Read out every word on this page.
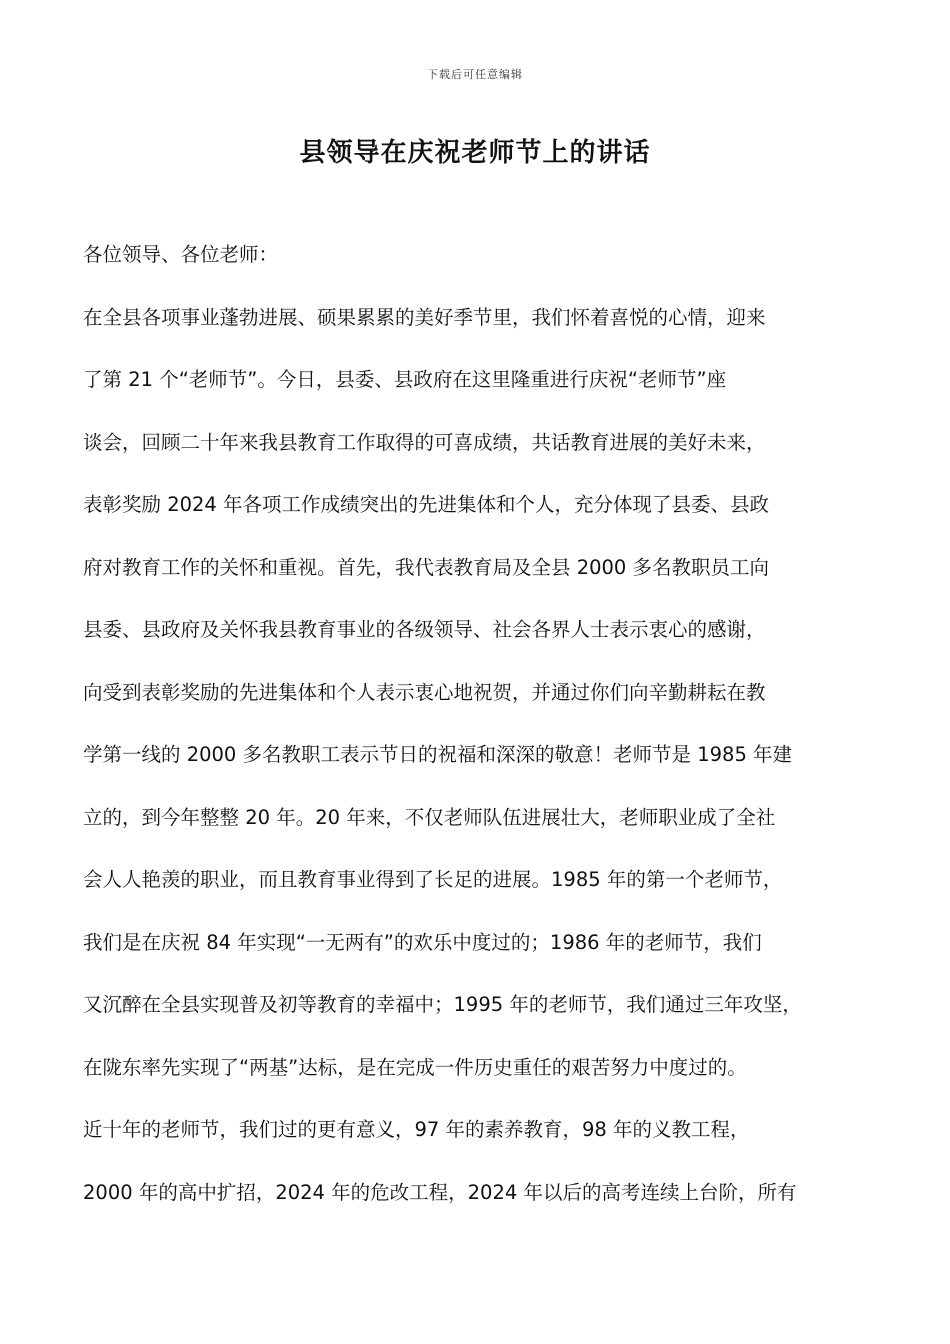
下载后可任意编辑
县领导在庆祝老师节上的讲话
各位领导、各位老师：
在全县各项事业蓬勃进展、硕果累累的美好季节里，我们怀着喜悦的心情，迎来
了第 21 个“老师节”。今日，县委、县政府在这里隆重进行庆祝“老师节”座
谈会，回顾二十年来我县教育工作取得的可喜成绩，共话教育进展的美好未来，
表彰奖励 2024 年各项工作成绩突出的先进集体和个人，充分体现了县委、县政
府对教育工作的关怀和重视。首先，我代表教育局及全县 2000 多名教职员工向
县委、县政府及关怀我县教育事业的各级领导、社会各界人士表示衷心的感谢，
向受到表彰奖励的先进集体和个人表示衷心地祝贺，并通过你们向辛勤耕耘在教
学第一线的 2000 多名教职工表示节日的祝福和深深的敬意！老师节是 1985 年建
立的，到今年整整 20 年。20 年来，不仅老师队伍进展壮大，老师职业成了全社
会人人艳羡的职业，而且教育事业得到了长足的进展。1985 年的第一个老师节，
我们是在庆祝 84 年实现“一无两有”的欢乐中度过的；1986 年的老师节，我们
又沉醉在全县实现普及初等教育的幸福中；1995 年的老师节，我们通过三年攻坚，
在陇东率先实现了“两基”达标，是在完成一件历史重任的艰苦努力中度过的。
近十年的老师节，我们过的更有意义，97 年的素养教育，98 年的义教工程，
2000 年的高中扩招，2024 年的危改工程，2024 年以后的高考连续上台阶，所有
